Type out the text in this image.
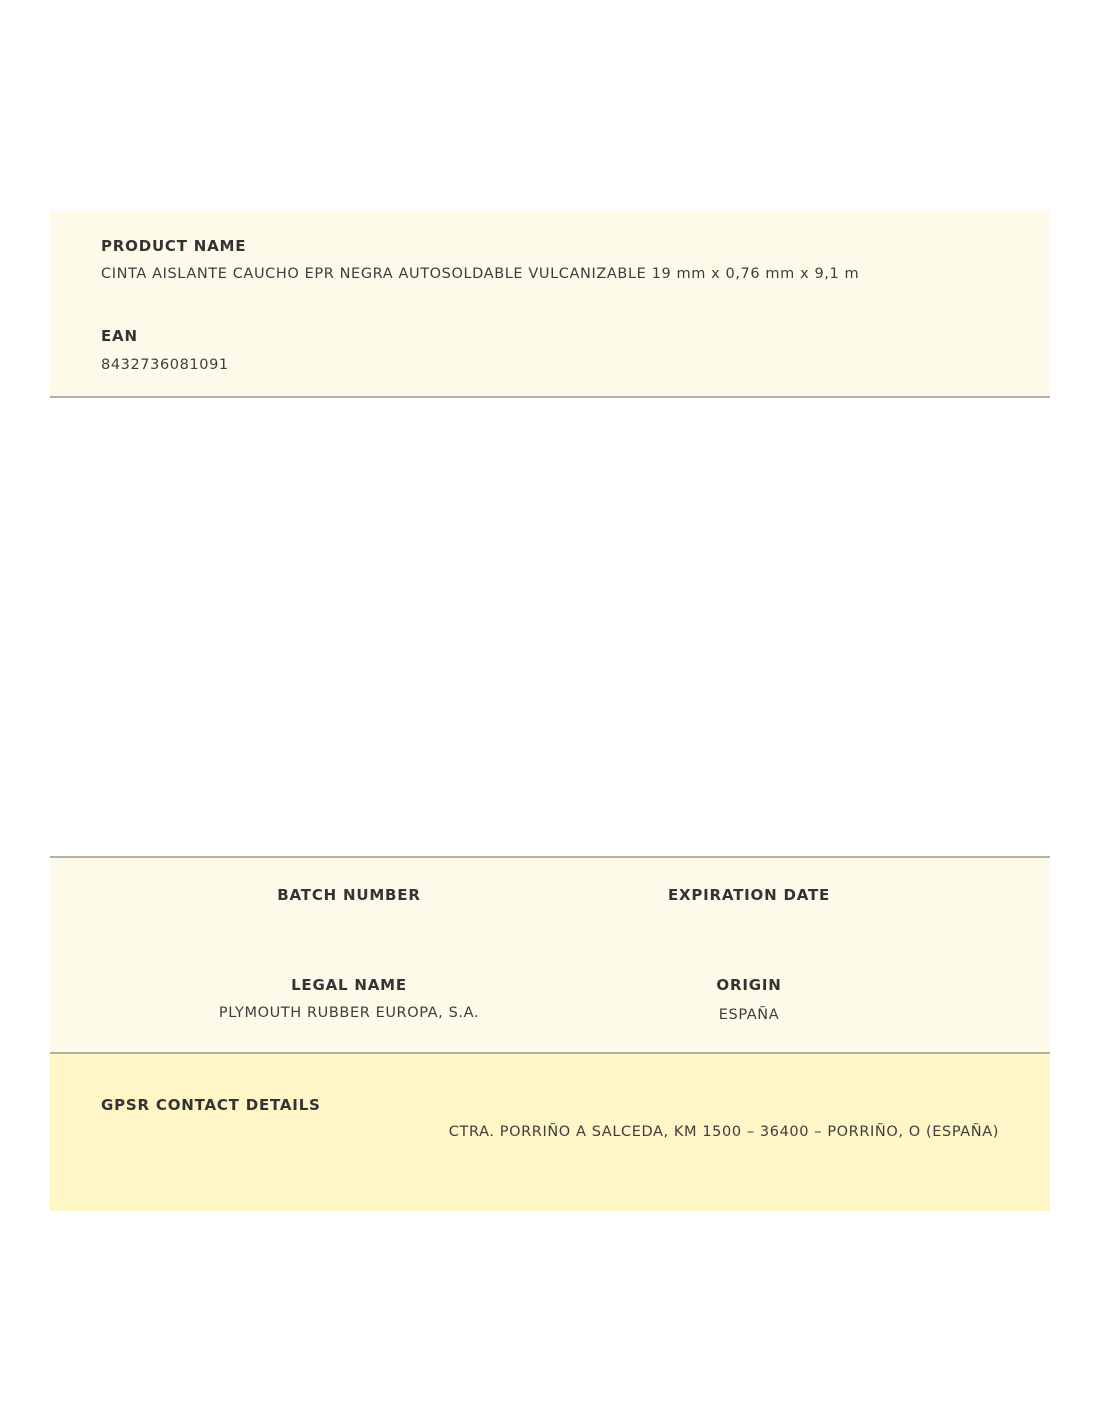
PRODUCT NAME

CINTA AISLANTE CAUCHO EPR NEGRA AUTOSOLDABLE VULCANIZABLE 19 mm x 0,76 mm x 9,1 m

EAN

8432736081091

BATCH NUMBER	EXPIRATION DATE
LEGAL NAME

PLYMOUTH RUBBER EUROPA, S.A.

ORIGIN

ESPAÑA

GPSR CONTACT DETAILS

CTRA. PORRIÑO A SALCEDA, KM 1500 – 36400 – PORRIÑO, O (ESPAÑA)
